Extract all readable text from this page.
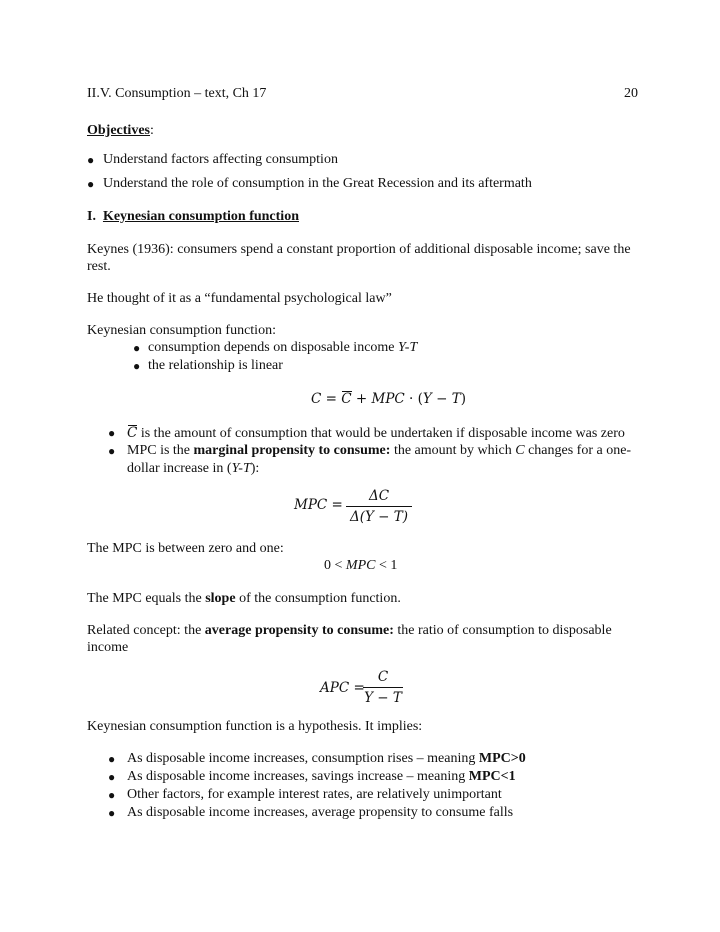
II.V. Consumption – text, Ch 17	20
Objectives:
● Understand factors affecting consumption
● Understand the role of consumption in the Great Recession and its aftermath
I. Keynesian consumption function
Keynes (1936): consumers spend a constant proportion of additional disposable income; save the
rest.
He thought of it as a “fundamental psychological law”
Keynesian consumption function:
● consumption depends on disposable income Y-T
● the relationship is linear
C = C + MPC · (Y − T)
● C is the amount of consumption that would be undertaken if disposable income was zero
● MPC is the marginal propensity to consume: the amount by which C changes for a one-
dollar increase in (Y-T):
MPC = $\frac{\Delta C}{\Delta(Y - T)}$
The MPC is between zero and one:
0 < MPC < 1
The MPC equals the slope of the consumption function.
Related concept: the average propensity to consume: the ratio of consumption to disposable
income
APC =
$\frac{C}{Y - T}$
Keynesian consumption function is a hypothesis. It implies:
● As disposable income increases, consumption rises – meaning MPC>0
● As disposable income increases, savings increase – meaning MPC<1
● Other factors, for example interest rates, are relatively unimportant
● As disposable income increases, average propensity to consume falls
